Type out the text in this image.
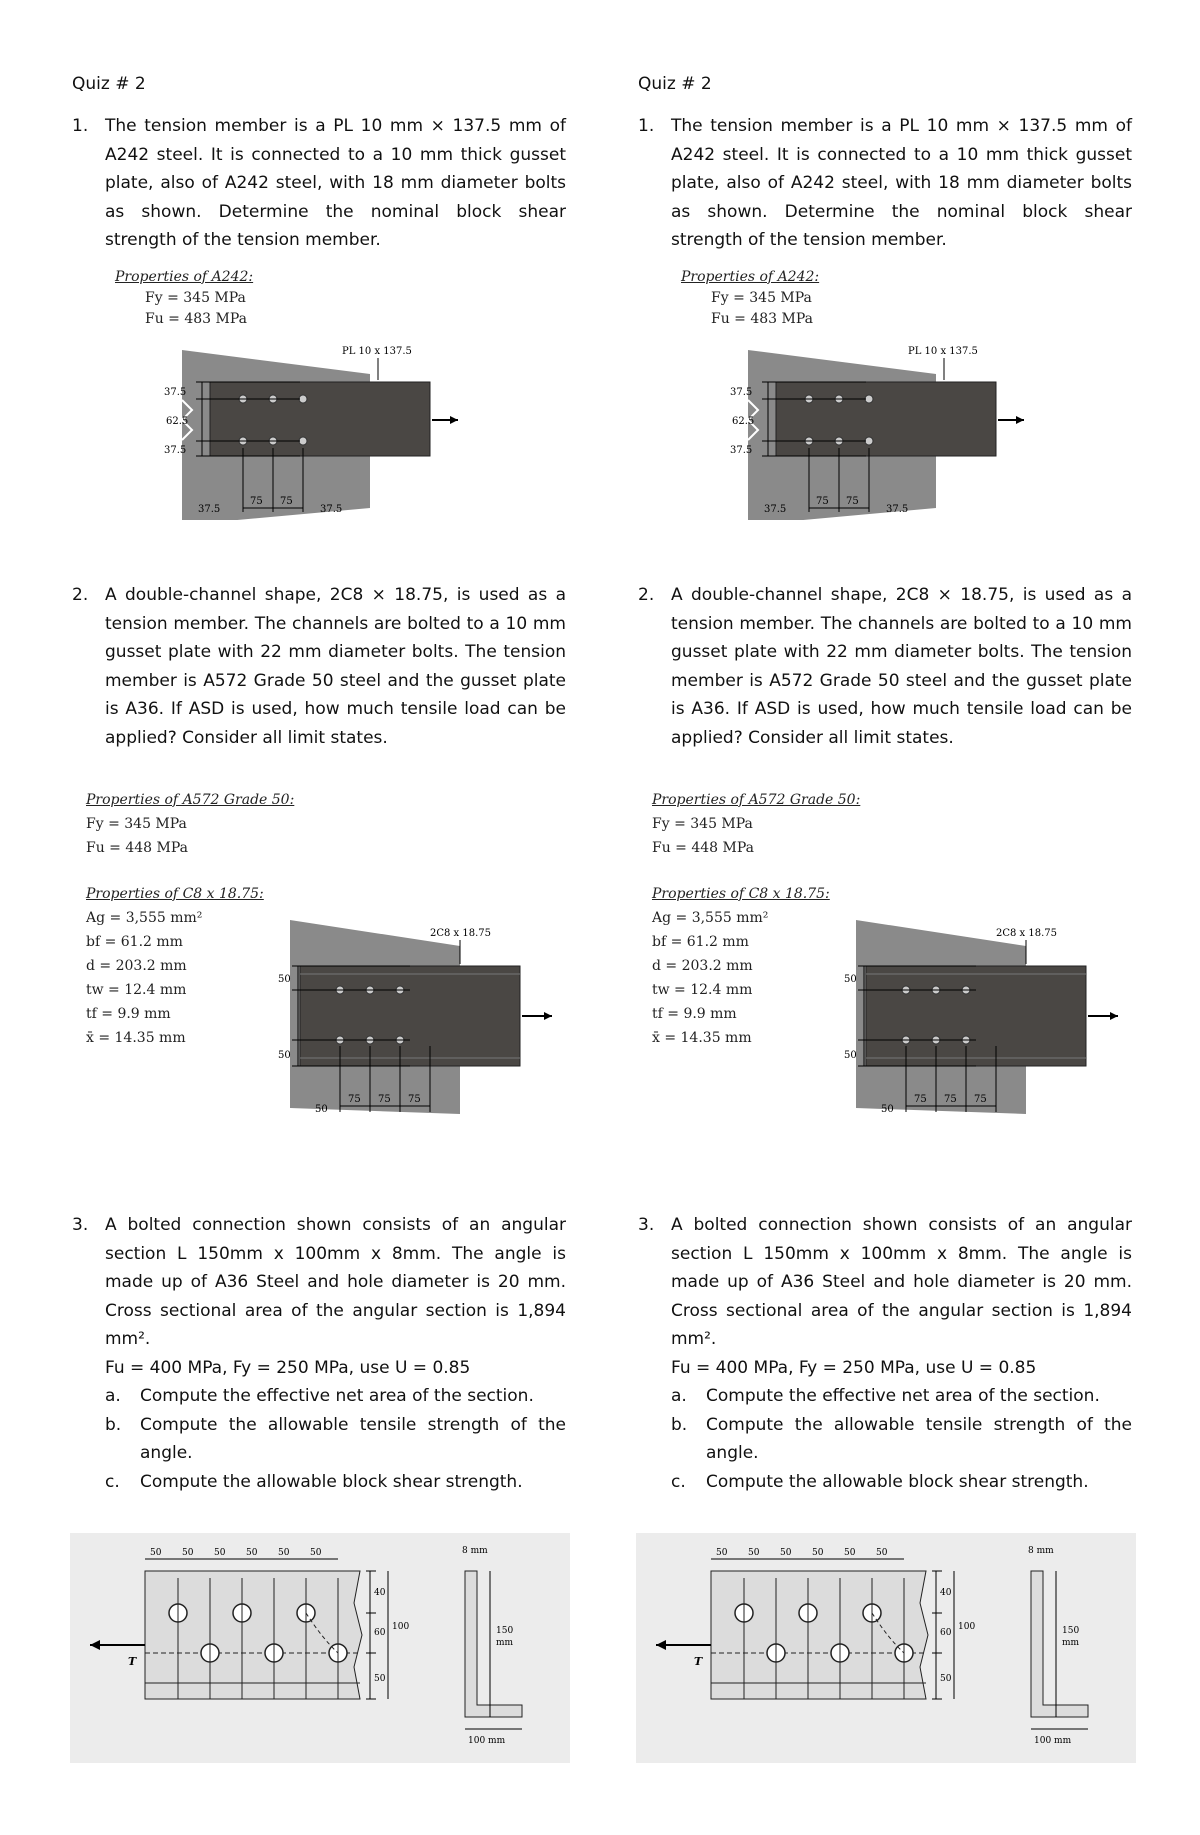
Quiz # 2
1. The tension member is a PL 10 mm × 137.5 mm of A242 steel. It is connected to a 10 mm thick gusset plate, also of A242 steel, with 18 mm diameter bolts as shown. Determine the nominal block shear strength of the tension member.
Properties of A242:
Fy = 345 MPa
Fu = 483 MPa
PL 10 x 137.5
37.5
62.5
37.5
37.5
75 75
37.5
2. A double-channel shape, 2C8 × 18.75, is used as a tension member. The channels are bolted to a 10 mm gusset plate with 22 mm diameter bolts. The tension member is A572 Grade 50 steel and the gusset plate is A36. If ASD is used, how much tensile load can be applied? Consider all limit states.
Properties of A572 Grade 50:
Fy = 345 MPa
Fu = 448 MPa
Properties of C8 x 18.75:
Ag = 3,555 mm²
bf = 61.2 mm
d = 203.2 mm
tw = 12.4 mm
tf = 9.9 mm
x̄ = 14.35 mm
2C8 x 18.75
50
50
50
75 75 75
3. A bolted connection shown consists of an angular section L 150mm x 100mm x 8mm. The angle is made up of A36 Steel and hole diameter is 20 mm. Cross sectional area of the angular section is 1,894 mm².
Fu = 400 MPa, Fy = 250 MPa, use U = 0.85
a. Compute the effective net area of the section.
b. Compute the allowable tensile strength of the angle.
c. Compute the allowable block shear strength.
T
50 50 50 50 50 50
40
60
50
100
8 mm
150
mm
100 mm
Quiz # 2
1. The tension member is a PL 10 mm × 137.5 mm of A242 steel. It is connected to a 10 mm thick gusset plate, also of A242 steel, with 18 mm diameter bolts as shown. Determine the nominal block shear strength of the tension member.
Properties of A242:
Fy = 345 MPa
Fu = 483 MPa
PL 10 x 137.5
37.5
62.5
37.5
37.5
75 75
37.5
2. A double-channel shape, 2C8 × 18.75, is used as a tension member. The channels are bolted to a 10 mm gusset plate with 22 mm diameter bolts. The tension member is A572 Grade 50 steel and the gusset plate is A36. If ASD is used, how much tensile load can be applied? Consider all limit states.
Properties of A572 Grade 50:
Fy = 345 MPa
Fu = 448 MPa
Properties of C8 x 18.75:
Ag = 3,555 mm²
bf = 61.2 mm
d = 203.2 mm
tw = 12.4 mm
tf = 9.9 mm
x̄ = 14.35 mm
2C8 x 18.75
50
50
50
75 75 75
3. A bolted connection shown consists of an angular section L 150mm x 100mm x 8mm. The angle is made up of A36 Steel and hole diameter is 20 mm. Cross sectional area of the angular section is 1,894 mm².
Fu = 400 MPa, Fy = 250 MPa, use U = 0.85
a. Compute the effective net area of the section.
b. Compute the allowable tensile strength of the angle.
c. Compute the allowable block shear strength.
T
50 50 50 50 50 50
40
60
50
100
8 mm
150
mm
100 mm
